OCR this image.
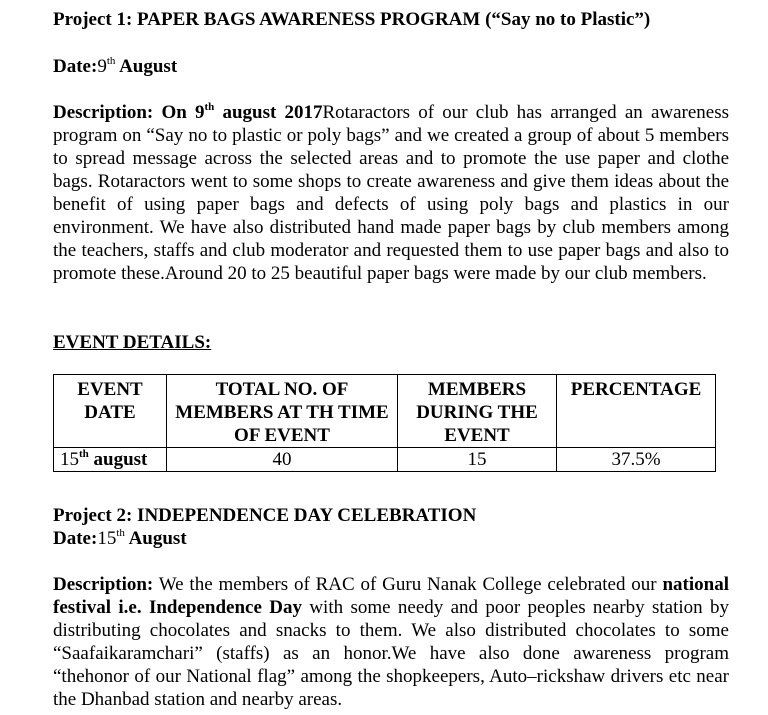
Project 1: PAPER BAGS AWARENESS PROGRAM (“Say no to Plastic”)
Date:9th August
Description: On 9th august 2017Rotaractors of our club has arranged an awareness program on “Say no to plastic or poly bags” and we created a group of about 5 members to spread message across the selected areas and to promote the use paper and clothe bags. Rotaractors went to some shops to create awareness and give them ideas about the benefit of using paper bags and defects of using poly bags and plastics in our environment. We have also distributed hand made paper bags by club members among the teachers, staffs and club moderator and requested them to use paper bags and also to promote these.Around 20 to 25 beautiful paper bags were made by our club members.
EVENT DETAILS:
EVENT DATE	TOTAL NO. OF MEMBERS AT TH TIME OF EVENT	MEMBERS DURING THE EVENT	PERCENTAGE
15th august	40	15	37.5%
Project 2: INDEPENDENCE DAY CELEBRATION
Date:15th August
Description: We the members of RAC of Guru Nanak College celebrated our national festival i.e. Independence Day with some needy and poor peoples nearby station by distributing chocolates and snacks to them. We also distributed chocolates to some “Saafaikaramchari” (staffs) as an honor.We have also done awareness program “thehonor of our National flag” among the shopkeepers, Auto–rickshaw drivers etc near the Dhanbad station and nearby areas.
